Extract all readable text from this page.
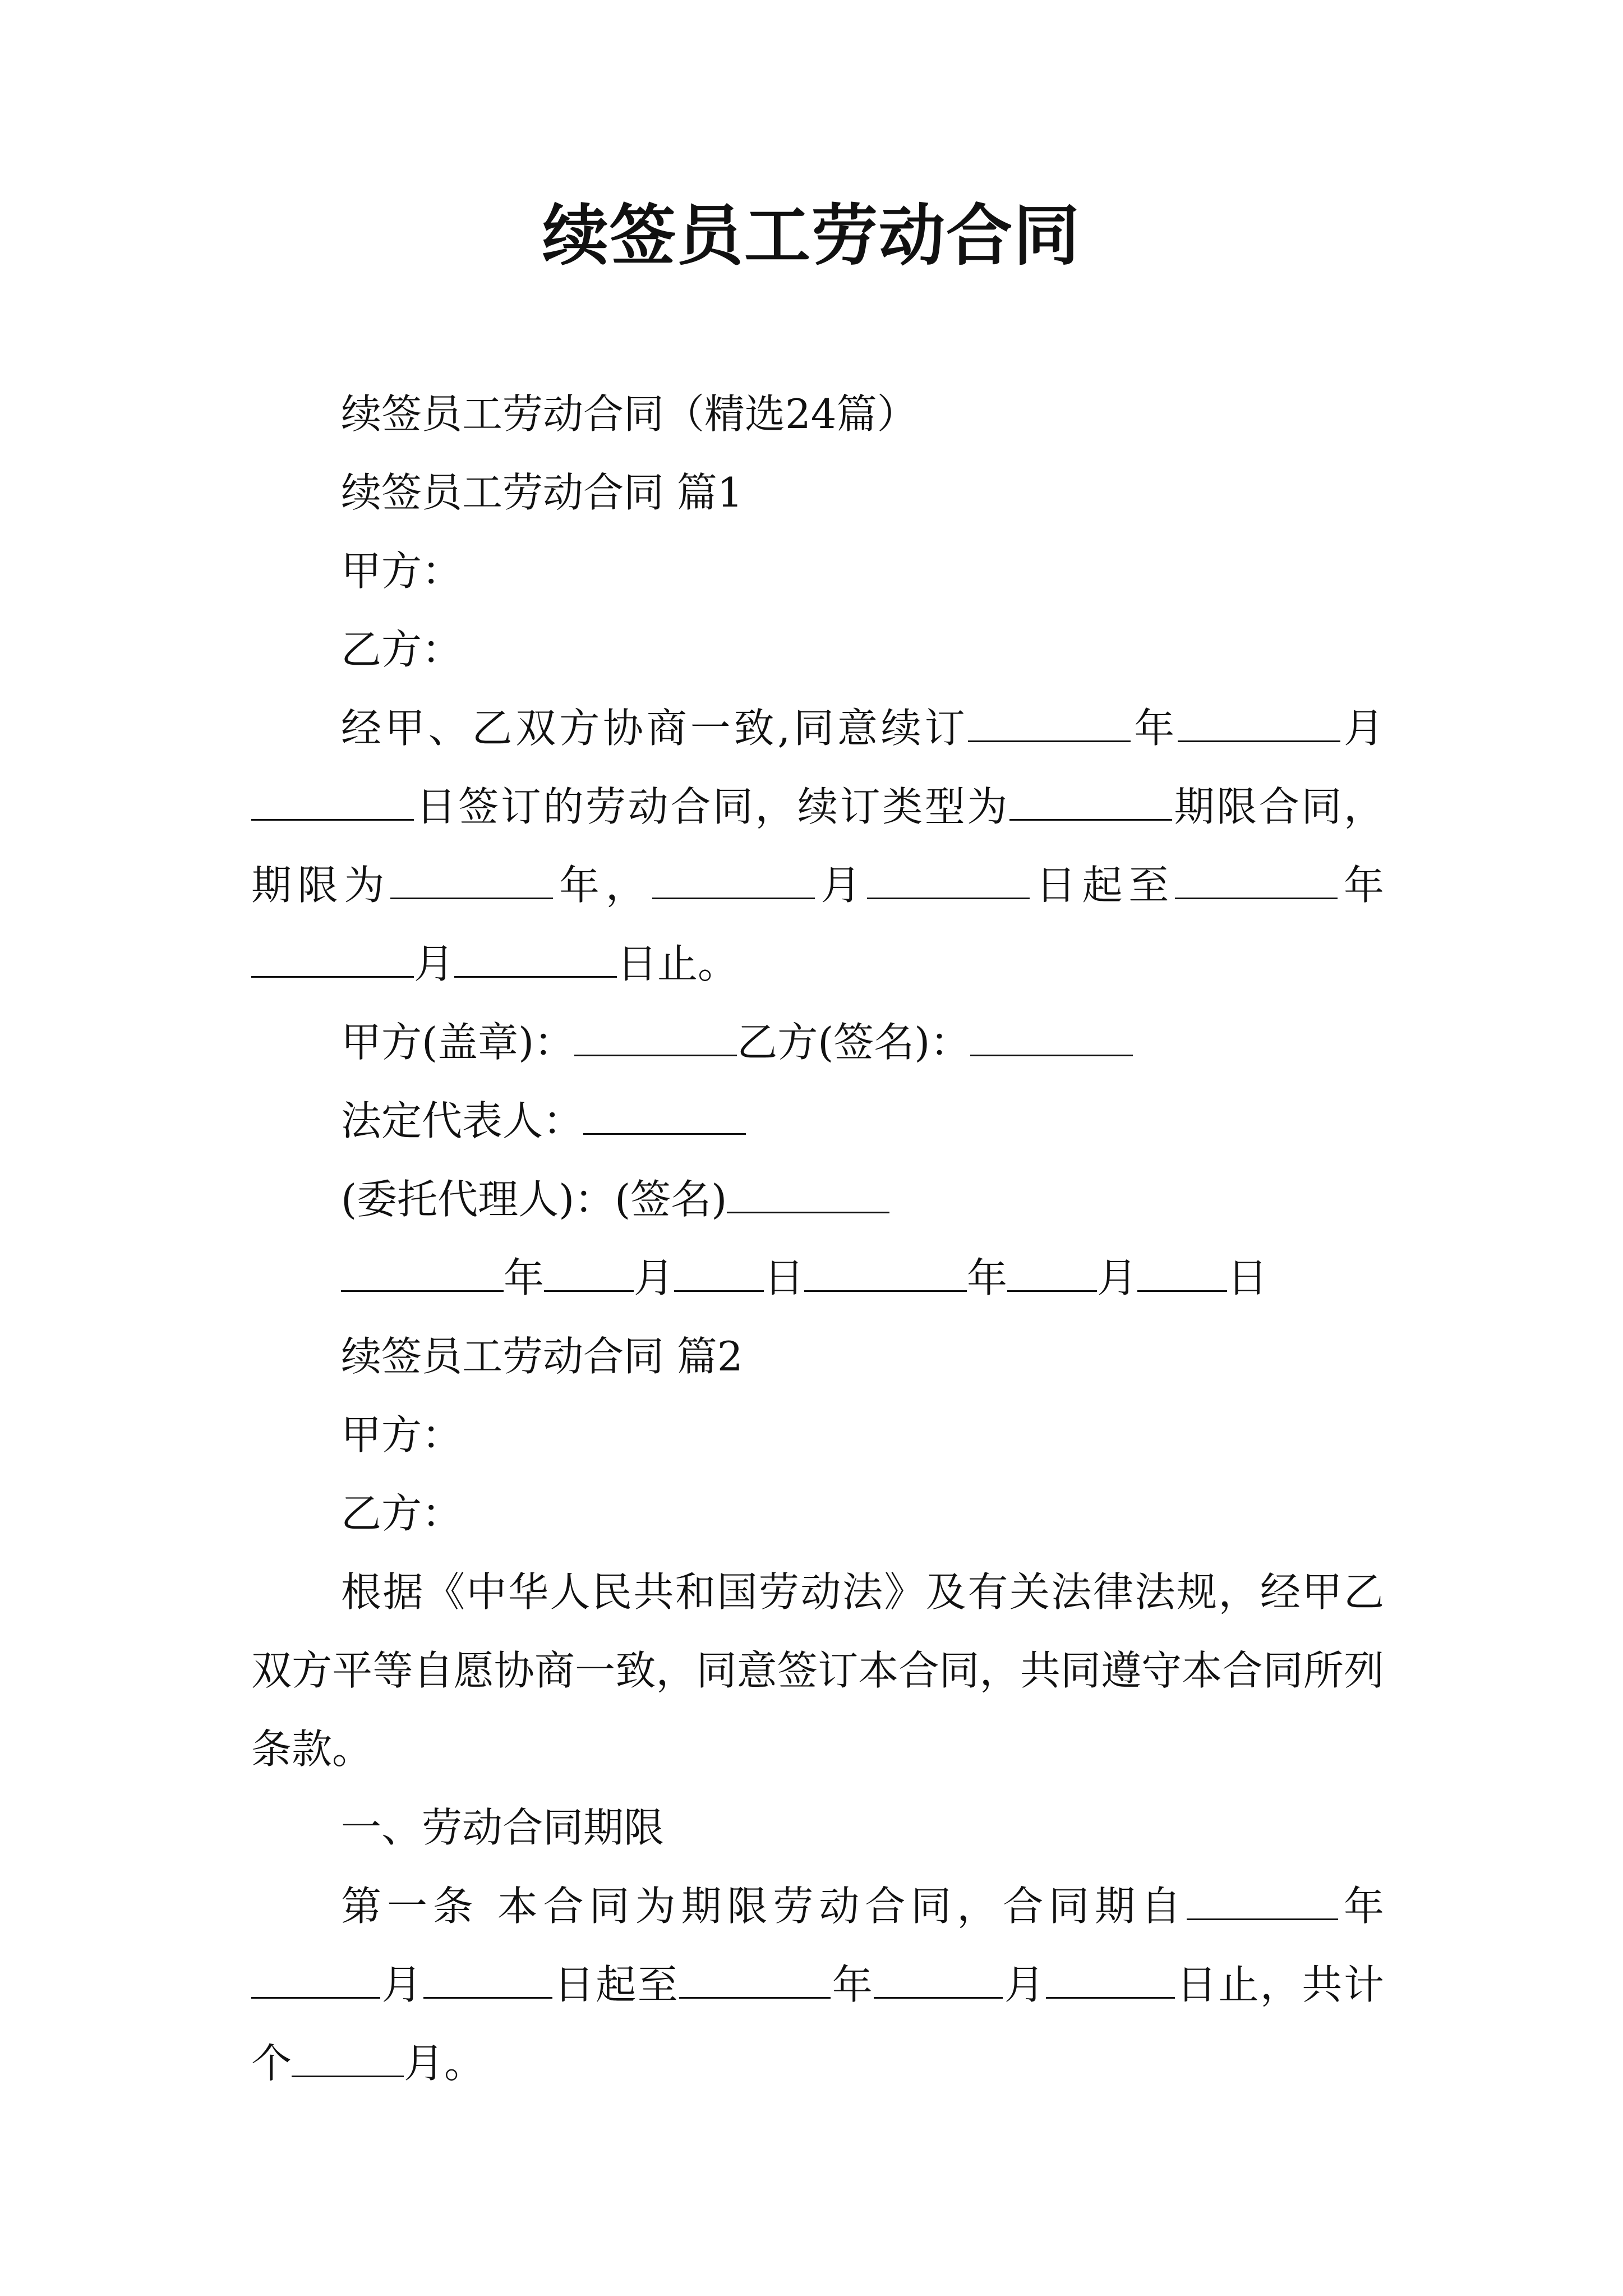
续签员工劳动合同

续签员工劳动合同（精选24篇）

续签员工劳动合同 篇1

甲方：

乙方：

经甲、乙双方协商一致,同意续订	年	月日签订的劳动合同，续订类型为	期限合同，期限为	年，	月	日起至	年月	日止。

甲方(盖章)：	乙方(签名)：

法定代表人：

(委托代理人)：(签名)

年 月 日	年 月 日

续签员工劳动合同 篇2

甲方：

乙方：

根据《中华人民共和国劳动法》及有关法律法规，经甲乙双方平等自愿协商一致，同意签订本合同，共同遵守本合同所列条款。

一、劳动合同期限

第一条 本合同为期限劳动合同，合同期自	年月	日起至	年	月	日止，共计个	月。
